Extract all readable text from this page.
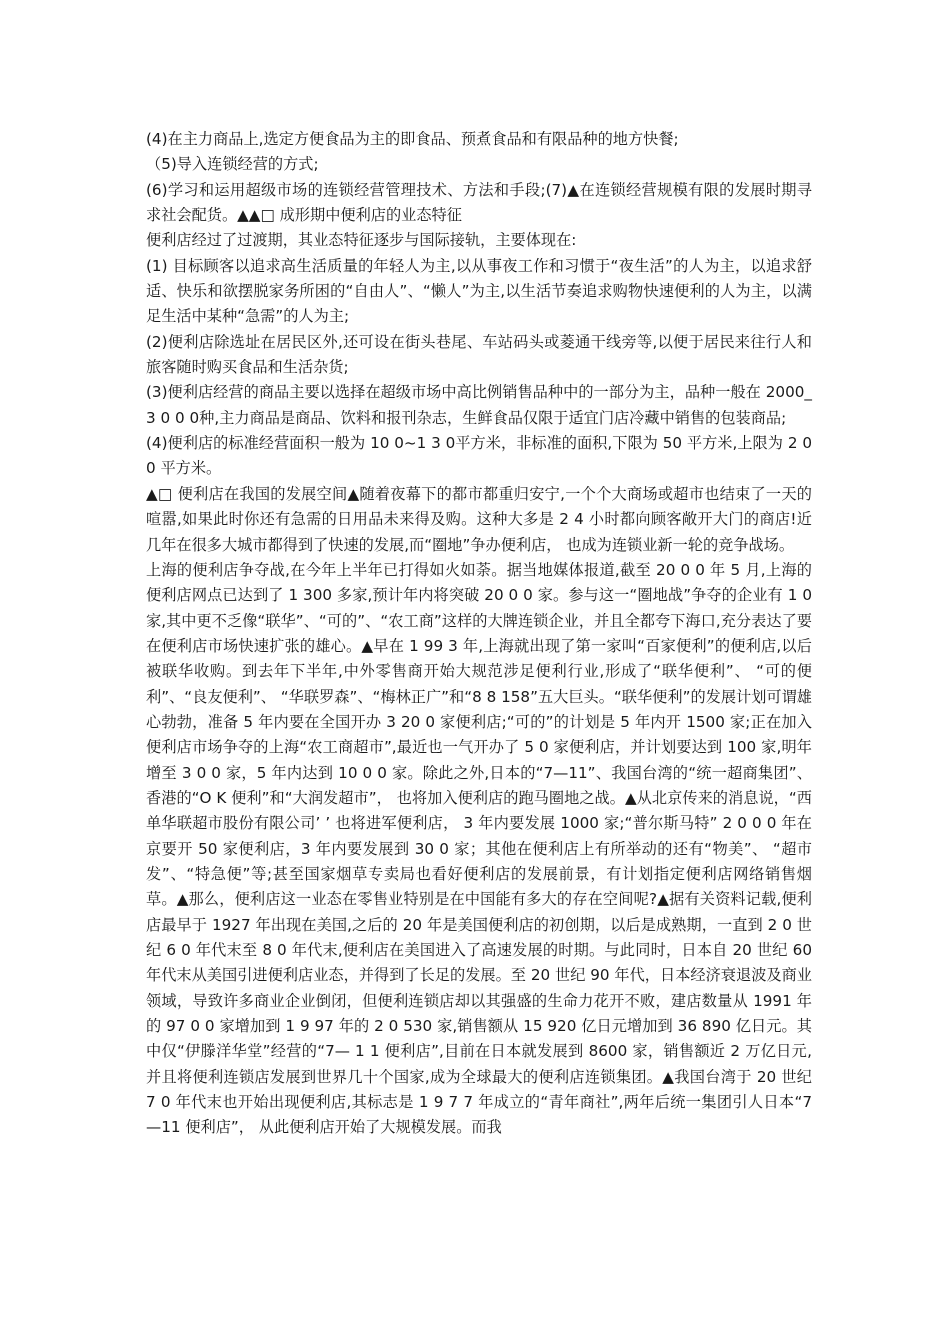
(4)在主力商品上,选定方便食品为主的即食品、预煮食品和有限品种的地方快餐;

（5)导入连锁经营的方式;

(6)学习和运用超级市场的连锁经营管理技术、方法和手段;(7)▲在连锁经营规模有限的发展时期寻求社会配货。▲▲□ 成形期中便利店的业态特征

便利店经过了过渡期，其业态特征逐步与国际接轨，主要体现在:

(1) 目标顾客以追求高生活质量的年轻人为主,以从事夜工作和习惯于“夜生活”的人为主，以追求舒适、快乐和欲摆脱家务所困的“自由人”、“懒人”为主,以生活节奏追求购物快速便利的人为主，以满足生活中某种“急需”的人为主;

(2)便利店除选址在居民区外,还可设在街头巷尾、车站码头或菱通干线旁等,以便于居民来往行人和旅客随时购买食品和生活杂货;

(3)便利店经营的商品主要以选择在超级市场中高比例销售品种中的一部分为主，品种一般在 2000_3 0 0 0种,主力商品是商品、饮料和报刊杂志，生鲜食品仅限于适宜门店冷藏中销售的包装商品;

(4)便利店的标准经营面积一般为 10 0~1 3 0平方米，非标准的面积,下限为 50 平方米,上限为 2 00 平方米。

▲□ 便利店在我国的发展空间▲随着夜幕下的都市都重归安宁,一个个大商场或超市也结束了一天的喧嚣,如果此时你还有急需的日用品未来得及购。这种大多是 2 4 小时都向顾客敞开大门的商店!近几年在很多大城市都得到了快速的发展,而“圈地”争办便利店， 也成为连锁业新一轮的竞争战场。

上海的便利店争夺战,在今年上半年已打得如火如荼。据当地媒体报道,截至 20 0 0 年 5 月,上海的便利店网点已达到了 1 300 多家,预计年内将突破 20 0 0 家。参与这一“圈地战”争夺的企业有 1 0 家,其中更不乏像“联华”、“可的”、“农工商”这样的大牌连锁企业，并且全都夸下海口,充分表达了要在便利店市场快速扩张的雄心。▲早在 1 99 3 年,上海就出现了第一家叫“百家便利”的便利店,以后被联华收购。到去年下半年,中外零售商开始大规范涉足便利行业,形成了“联华便利”、 “可的便利”、“良友便利”、 “华联罗森”、“梅林正广”和“8 8 158”五大巨头。“联华便利”的发展计划可谓雄心勃勃，准备 5 年内要在全国开办 3 20 0 家便利店;“可的”的计划是 5 年内开 1500 家;正在加入便利店市场争夺的上海“农工商超市”,最近也一气开办了 5 0 家便利店，并计划要达到 100 家,明年增至 3 0 0 家，5 年内达到 10 0 0 家。除此之外,日本的“7—11”、我国台湾的“统一超商集团”、香港的“O K 便利”和“大润发超市”， 也将加入便利店的跑马圈地之战。▲从北京传来的消息说，“西单华联超市股份有限公司’ ’ 也将进军便利店， 3 年内要发展 1000 家;“普尔斯马特” 2 0 0 0 年在京要开 50 家便利店，3 年内要发展到 30 0 家；其他在便利店上有所举动的还有“物美”、 “超市发”、“特急便”等;甚至国家烟草专卖局也看好便利店的发展前景，有计划指定便利店网络销售烟草。▲那么，便利店这一业态在零售业特别是在中国能有多大的存在空间呢?▲据有关资料记载,便利店最早于 1927 年出现在美国,之后的 20 年是美国便利店的初创期，以后是成熟期，一直到 2 0 世纪 6 0 年代末至 8 0 年代末,便利店在美国进入了高速发展的时期。与此同时，日本自 20 世纪 60 年代末从美国引进便利店业态，并得到了长足的发展。至 20 世纪 90 年代，日本经济衰退波及商业领域，导致许多商业企业倒闭，但便利连锁店却以其强盛的生命力花开不败，建店数量从 1991 年的 97 0 0 家增加到 1 9 97 年的 2 0 530 家,销售额从 15 920 亿日元增加到 36 890 亿日元。其中仅“伊滕洋华堂”经营的“7— 1 1 便利店”,目前在日本就发展到 8600 家，销售额近 2 万亿日元,并且将便利连锁店发展到世界几十个国家,成为全球最大的便利店连锁集团。▲我国台湾于 20 世纪 7 0 年代末也开始出现便利店,其标志是 1 9 7 7 年成立的“青年商社”,两年后统一集团引人日本“7—11 便利店”， 从此便利店开始了大规模发展。而我
